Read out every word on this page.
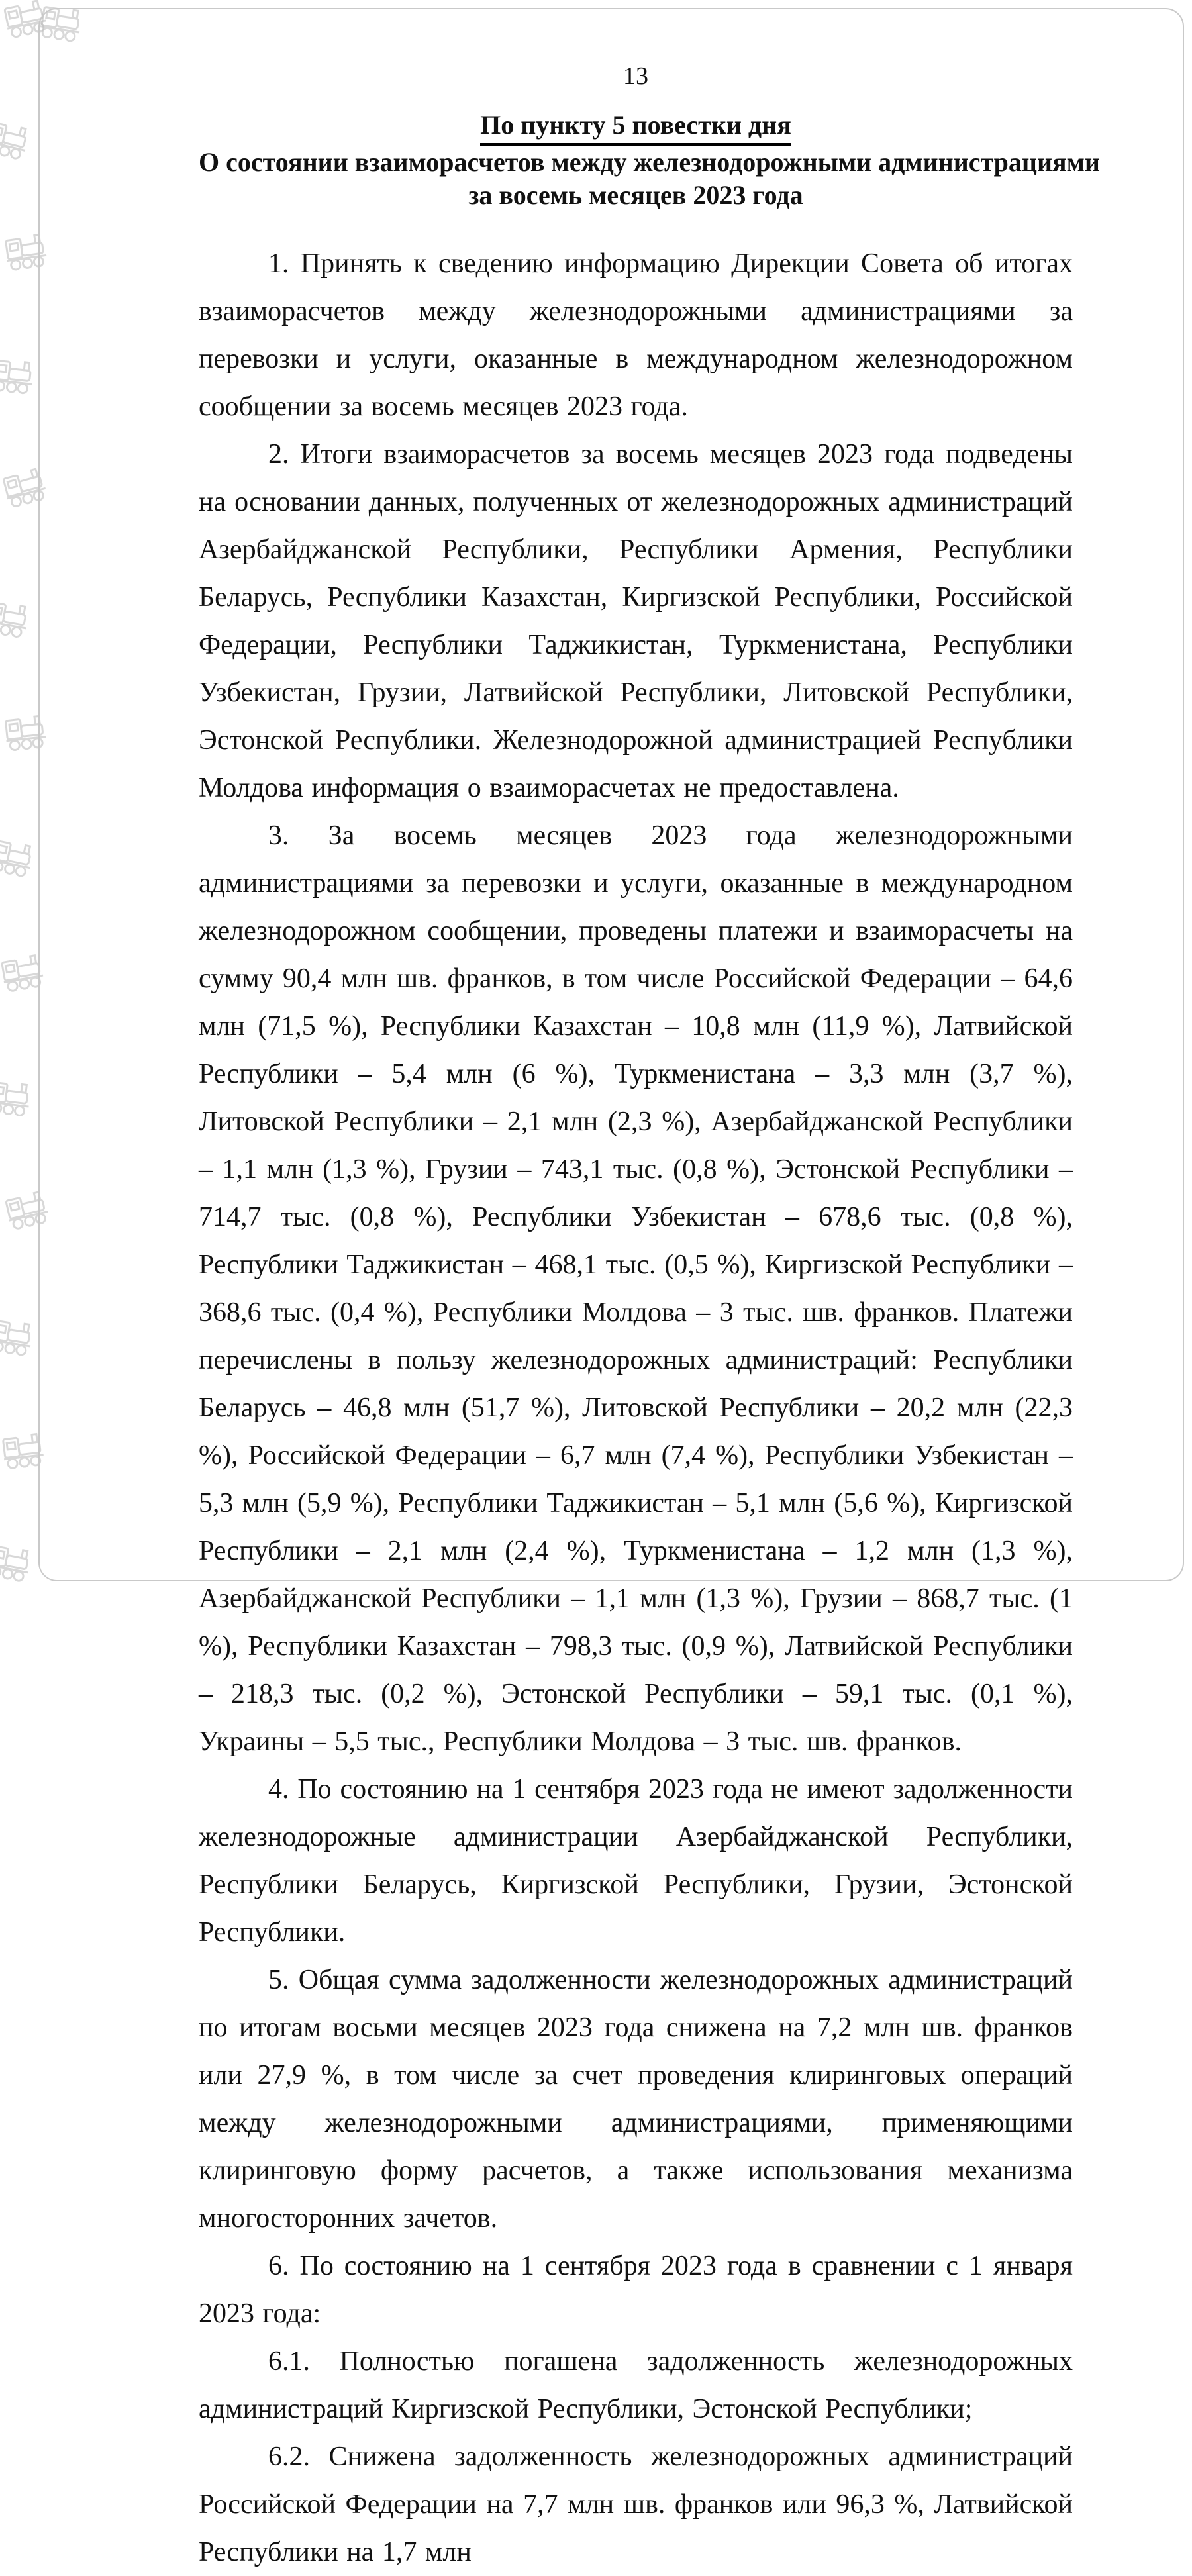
13
По пункту 5 повестки дня
О состоянии взаиморасчетов между железнодорожными администрациями
за восемь месяцев 2023 года

1. Принять к сведению информацию Дирекции Совета об итогах взаиморасчетов между железнодорожными администрациями за перевозки и услуги, оказанные в международном железнодорожном сообщении за восемь месяцев 2023 года.

2. Итоги взаиморасчетов за восемь месяцев 2023 года подведены на основании данных, полученных от железнодорожных администраций Азербайджанской Республики, Республики Армения, Республики Беларусь, Республики Казахстан, Киргизской Республики, Российской Федерации, Республики Таджикистан, Туркменистана, Республики Узбекистан, Грузии, Латвийской Республики, Литовской Республики, Эстонской Республики. Железнодорожной администрацией Республики Молдова информация о взаиморасчетах не предоставлена.

3. За восемь месяцев 2023 года железнодорожными администрациями за перевозки и услуги, оказанные в международном железнодорожном сообщении, проведены платежи и взаиморасчеты на сумму 90,4 млн шв. франков, в том числе Российской Федерации – 64,6 млн (71,5 %), Республики Казахстан – 10,8 млн (11,9 %), Латвийской Республики – 5,4 млн (6 %), Туркменистана – 3,3 млн (3,7 %), Литовской Республики – 2,1 млн (2,3 %), Азербайджанской Республики – 1,1 млн (1,3 %), Грузии – 743,1 тыс. (0,8 %), Эстонской Республики – 714,7 тыс. (0,8 %), Республики Узбекистан – 678,6 тыс. (0,8 %), Республики Таджикистан – 468,1 тыс. (0,5 %), Киргизской Республики – 368,6 тыс. (0,4 %), Республики Молдова – 3 тыс. шв. франков. Платежи перечислены в пользу железнодорожных администраций: Республики Беларусь – 46,8 млн (51,7 %), Литовской Республики – 20,2 млн (22,3 %), Российской Федерации – 6,7 млн (7,4 %), Республики Узбекистан – 5,3 млн (5,9 %), Республики Таджикистан – 5,1 млн (5,6 %), Киргизской Республики – 2,1 млн (2,4 %), Туркменистана – 1,2 млн (1,3 %), Азербайджанской Республики – 1,1 млн (1,3 %), Грузии – 868,7 тыс. (1 %), Республики Казахстан – 798,3 тыс. (0,9 %), Латвийской Республики – 218,3 тыс. (0,2 %), Эстонской Республики – 59,1 тыс. (0,1 %), Украины – 5,5 тыс., Республики Молдова – 3 тыс. шв. франков.

4. По состоянию на 1 сентября 2023 года не имеют задолженности железнодорожные администрации Азербайджанской Республики, Республики Беларусь, Киргизской Республики, Грузии, Эстонской Республики.

5. Общая сумма задолженности железнодорожных администраций по итогам восьми месяцев 2023 года снижена на 7,2 млн шв. франков или 27,9 %, в том числе за счет проведения клиринговых операций между железнодорожными администрациями, применяющими клиринговую форму расчетов, а также использования механизма многосторонних зачетов.

6. По состоянию на 1 сентября 2023 года в сравнении с 1 января 2023 года:

6.1. Полностью погашена задолженность железнодорожных администраций Киргизской Республики, Эстонской Республики;

6.2. Снижена задолженность железнодорожных администраций Российской Федерации на 7,7 млн шв. франков или 96,3 %, Латвийской Республики на 1,7 млн
